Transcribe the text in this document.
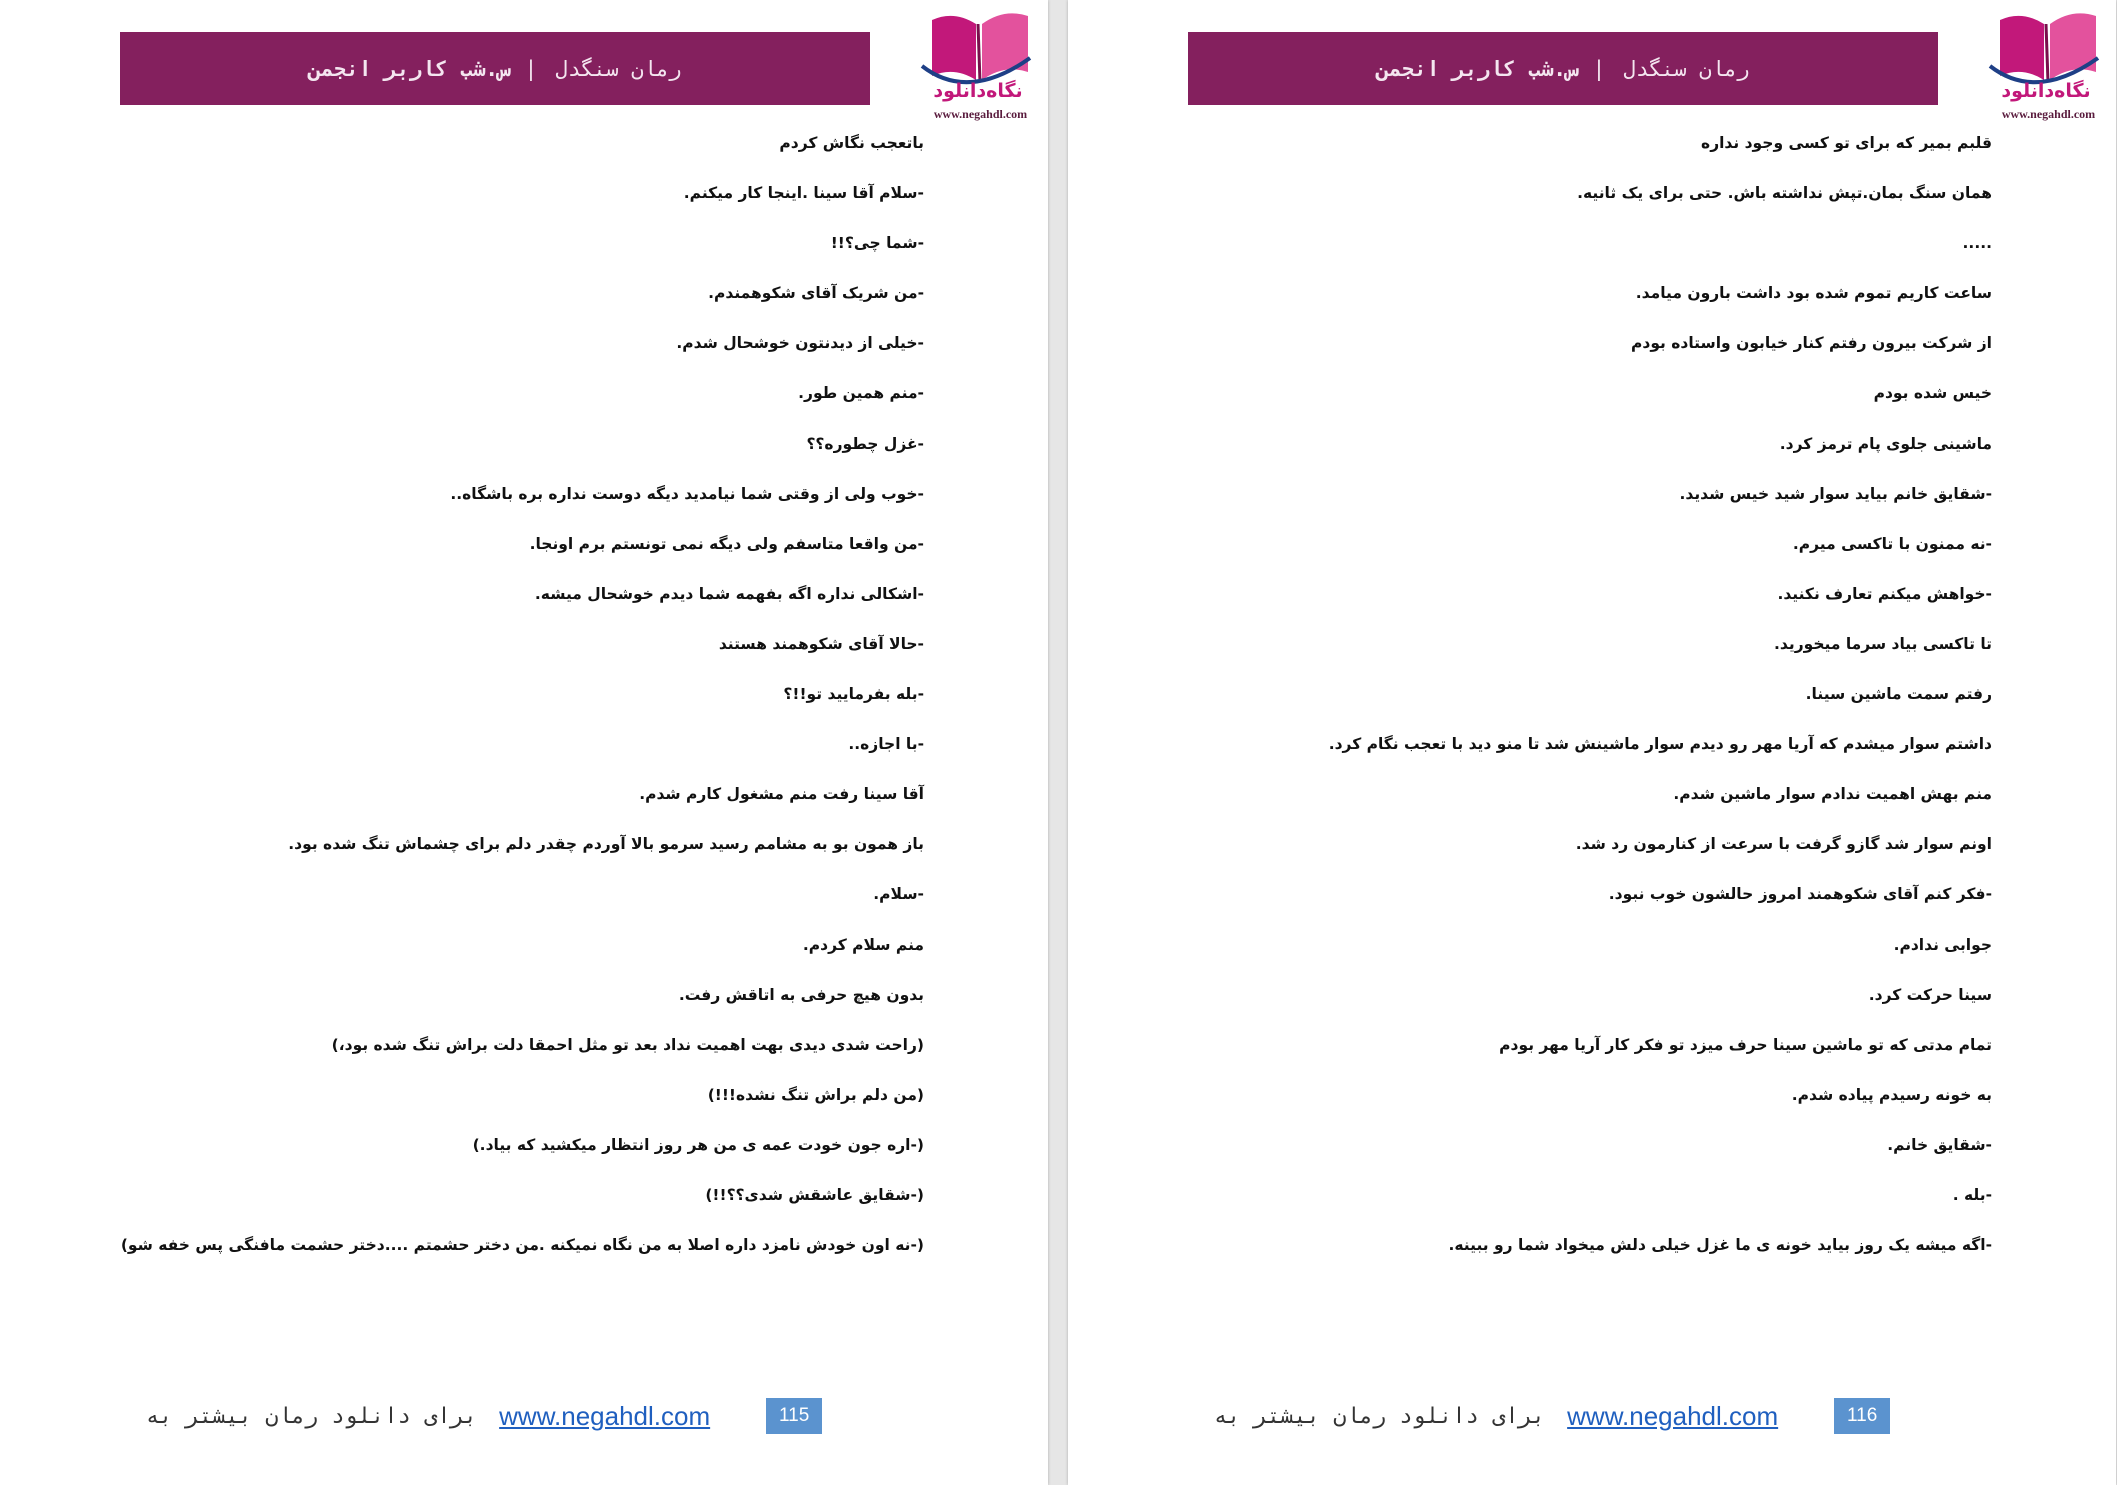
رمان سنگدل
|
س.شب کاربر انجمن
نگاه‌دانلود
www.negahdl.com

باتعجب نگاش کردم

-سلام آقا سینا .اینجا کار میکنم.

-شما چی؟!!

-من شریک آقای شکوهمندم.

-خیلی از دیدنتون خوشحال شدم.

-منم همین طور.

-غزل چطوره؟؟

-خوب ولی از وقتی شما نیامدید دیگه دوست نداره بره باشگاه..

-من واقعا متاسفم ولی دیگه نمی تونستم برم اونجا.

-اشکالی نداره اگه بفهمه شما دیدم خوشحال میشه.

-حالا آقای شکوهمند هستند

-بله بفرمایید تو!!؟

-با اجازه..

آقا سینا رفت منم مشغول کارم شدم.

باز همون بو به مشامم رسید سرمو بالا آوردم چقدر دلم برای چشماش تنگ شده بود.

-سلام.

منم سلام کردم.

بدون هیچ حرفی به اتاقش رفت.

(راحت شدی دیدی بهت اهمیت نداد بعد تو مثل احمقا دلت براش تنگ شده بود،)

(من دلم براش تنگ نشده!!!)

(-اره جون خودت عمه ی من هر روز انتظار میکشید که بیاد.)

(-شقایق عاشقش شدی؟؟!!)

(-نه اون خودش نامزد داره اصلا به من نگاه نمیکنه .من دختر حشمتم ....دختر حشمت مافنگی پس خفه شو)

برای دانلود رمان بیشتر به www.negahdl.com	115
رمان سنگدل
|
س.شب کاربر انجمن
نگاه‌دانلود
www.negahdl.com

قلبم بمیر که برای تو کسی وجود نداره

همان سنگ بمان.تپش نداشته باش. حتی برای یک ثانیه.

.....

ساعت کاریم تموم شده بود داشت بارون میامد.

از شرکت بیرون رفتم کنار خیابون واستاده بودم

خیس شده بودم

ماشینی جلوی پام ترمز کرد.

-شقایق خانم بیاید سوار شید خیس شدید.

-نه ممنون با تاکسی میرم.

-خواهش میکنم تعارف نکنید.

تا تاکسی بیاد سرما میخورید.

رفتم سمت ماشین سینا.

داشتم سوار میشدم که آریا مهر رو دیدم سوار ماشینش شد تا منو دید با تعجب نگام کرد.

منم بهش اهمیت ندادم سوار ماشین شدم.

اونم سوار شد گازو گرفت با سرعت از کنارمون رد شد.

-فکر کنم آقای شکوهمند امروز حالشون خوب نبود.

جوابی ندادم.

سینا حرکت کرد.

تمام مدتی که تو ماشین سینا حرف میزد تو فکر کار آریا مهر بودم

به خونه رسیدم پیاده شدم.

-شقایق خانم.

-بله .

-اگه میشه یک روز بیاید خونه ی ما غزل خیلی دلش میخواد شما رو ببینه.

برای دانلود رمان بیشتر به www.negahdl.com	116
